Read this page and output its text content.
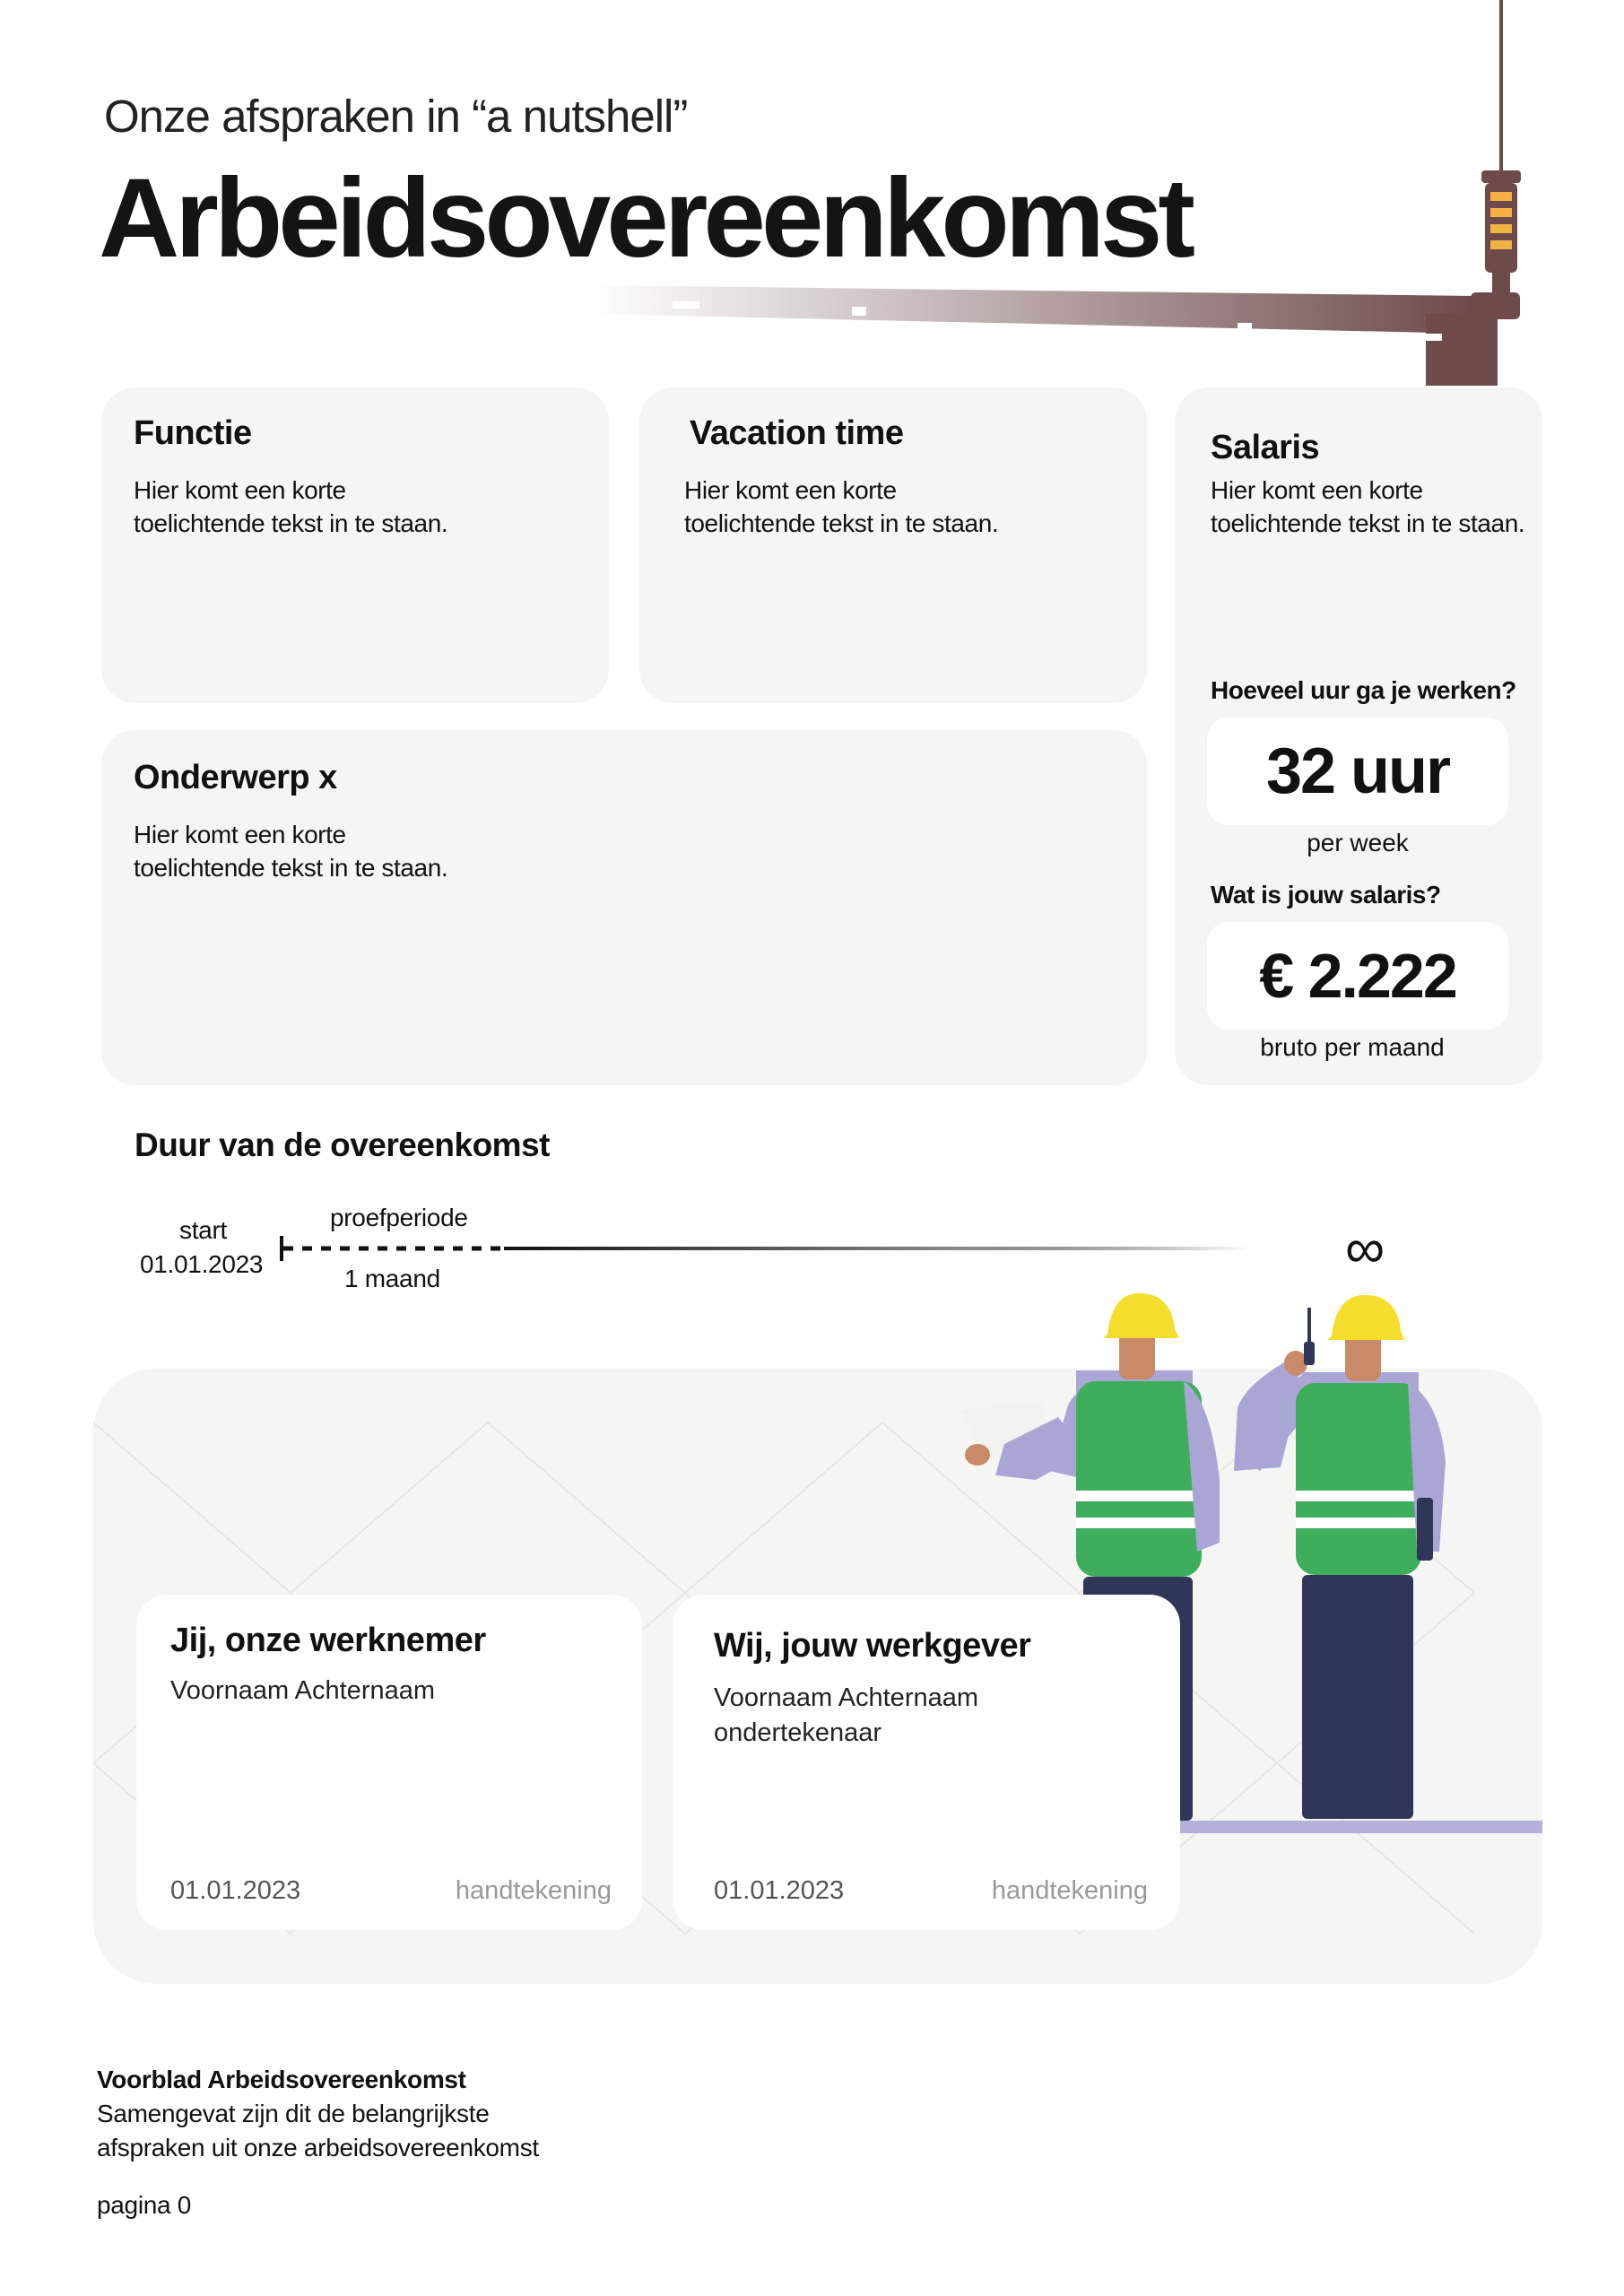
Onze afspraken in “a nutshell”
Arbeidsovereenkomst
Functie
Hier komt een korte
toelichtende tekst in te staan.
Vacation time
Hier komt een korte
toelichtende tekst in te staan.
Onderwerp x
Hier komt een korte
toelichtende tekst in te staan.
Salaris
Hier komt een korte
toelichtende tekst in te staan.
Hoeveel uur ga je werken?
32 uur
per week
Wat is jouw salaris?
€ 2.222
bruto per maand
Duur van de overeenkomst
start
01.01.2023
proefperiode
1 maand	∞
Jij, onze werknemer
Voornaam Achternaam
01.01.2023	handtekening
Wij, jouw werkgever
Voornaam Achternaam
ondertekenaar
01.01.2023	handtekening
Voorblad Arbeidsovereenkomst
Samengevat zijn dit de belangrijkste
afspraken uit onze arbeidsovereenkomst
pagina 0
